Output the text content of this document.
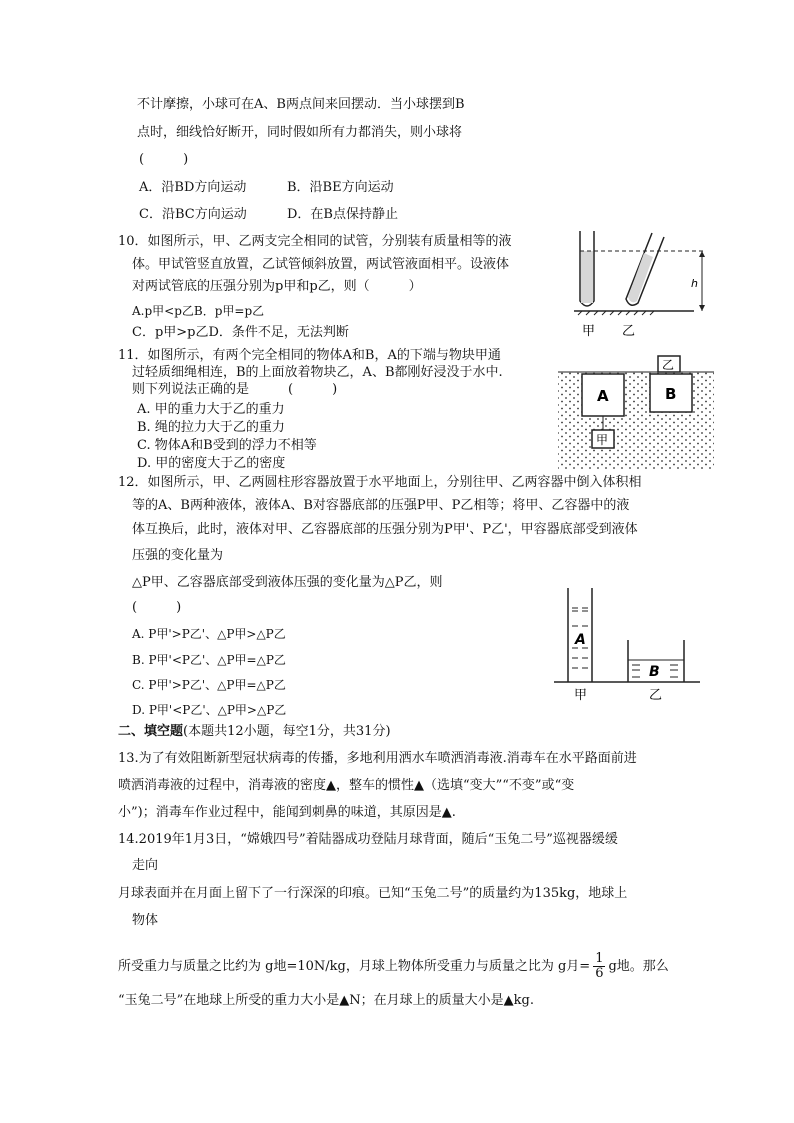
不计摩擦，小球可在A、B两点间来回摆动．当小球摆到B
点时，细线恰好断开，同时假如所有力都消失，则小球将
(　　　)
A．沿BD方向运动	B．沿BE方向运动
C．沿BC方向运动	D．在B点保持静止
10．如图所示，甲、乙两支完全相同的试管，分别装有质量相等的液
体。甲试管竖直放置，乙试管倾斜放置，两试管液面相平。设液体
对两试管底的压强分别为p甲和p乙，则（　　　）
A.p甲<p乙B．p甲=p乙
C．p甲>p乙D．条件不足，无法判断
h
甲 乙
11．如图所示，有两个完全相同的物体A和B，A的下端与物块甲通
过轻质细绳相连，B的上面放着物块乙，A、B都刚好浸没于水中.
则下列说法正确的是　　　(　　　)
A. 甲的重力大于乙的重力
B. 绳的拉力大于乙的重力
C. 物体A和B受到的浮力不相等
D. 甲的密度大于乙的密度
A
甲
B
乙
12．如图所示，甲、乙两圆柱形容器放置于水平地面上，分别往甲、乙两容器中倒入体积相
等的A、B两种液体，液体A、B对容器底部的压强P甲、P乙相等；将甲、乙容器中的液
体互换后，此时，液体对甲、乙容器底部的压强分别为P甲'、P乙'，甲容器底部受到液体
压强的变化量为
△P甲、乙容器底部受到液体压强的变化量为△P乙，则
(　　　)
A. P甲'>P乙'、△P甲>△P乙
B. P甲'<P乙'、△P甲=△P乙
C. P甲'>P乙'、△P甲=△P乙
D. P甲'<P乙'、△P甲>△P乙
A
B
甲	乙
二、填空题(本题共12小题，每空1分，共31分)
13.为了有效阻断新型冠状病毒的传播，多地利用洒水车喷洒消毒液.消毒车在水平路面前进
喷洒消毒液的过程中，消毒液的密度▲，整车的惯性▲（选填“变大”“不变”或“变
小”)；消毒车作业过程中，能闻到刺鼻的味道，其原因是▲.
14.2019年1月3日，“嫦娥四号”着陆器成功登陆月球背面，随后“玉兔二号”巡视器缓缓
走向
月球表面并在月面上留下了一行深深的印痕。已知“玉兔二号”的质量约为135kg，地球上
物体
所受重力与质量之比约为 g地=10N/kg，月球上物体所受重力与质量之比为 g月= $\frac{1}{6}$ g地。那么
“玉兔二号”在地球上所受的重力大小是▲N；在月球上的质量大小是▲kg.
